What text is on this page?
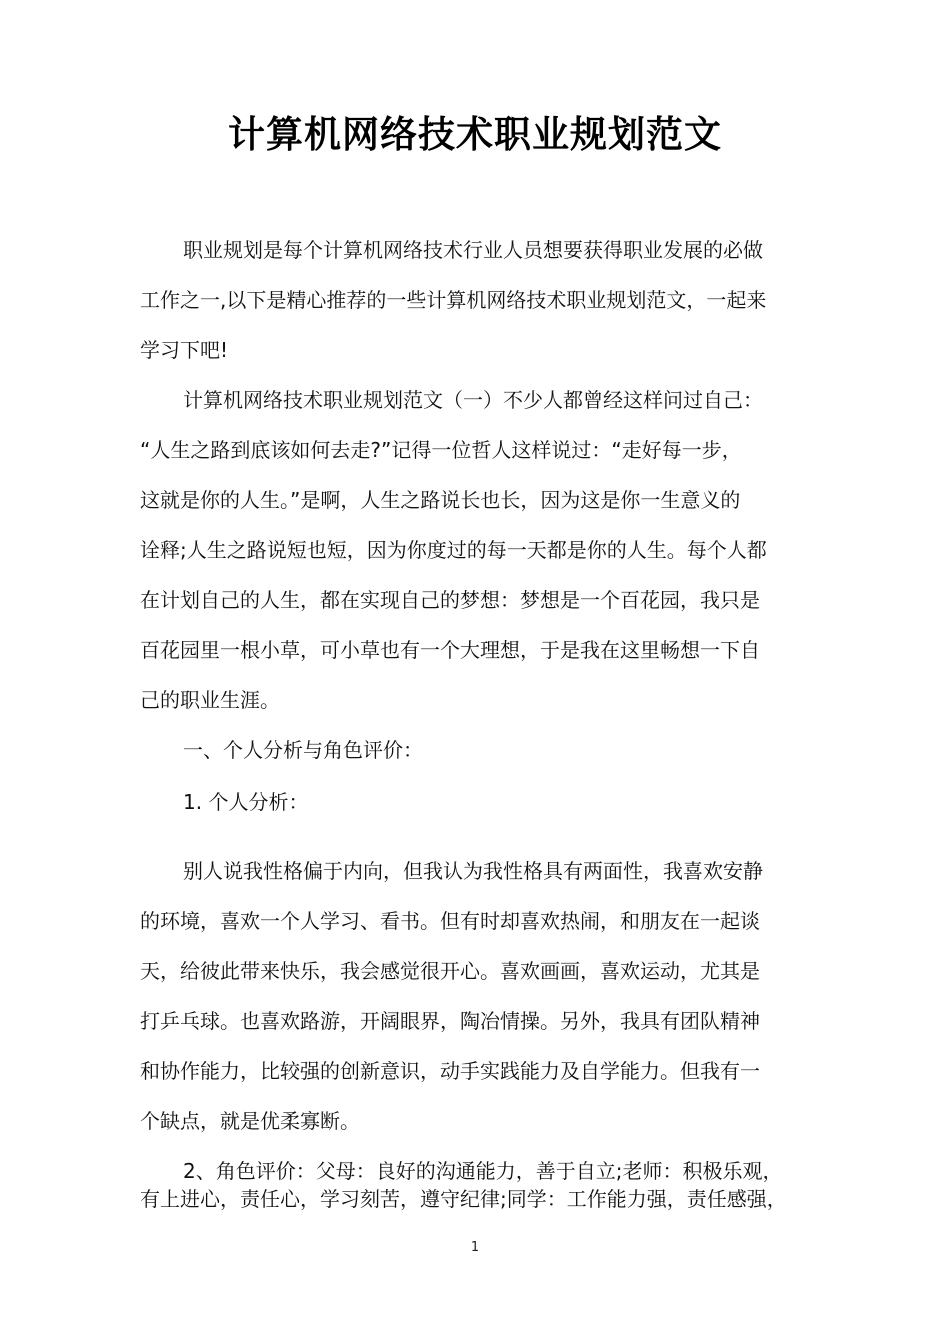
计算机网络技术职业规划范文
职业规划是每个计算机网络技术行业人员想要获得职业发展的必做
工作之一,以下是精心推荐的一些计算机网络技术职业规划范文，一起来
学习下吧!
计算机网络技术职业规划范文（一）不少人都曾经这样问过自己：
“人生之路到底该如何去走?”记得一位哲人这样说过：“走好每一步，
这就是你的人生。”是啊，人生之路说长也长，因为这是你一生意义的
诠释;人生之路说短也短，因为你度过的每一天都是你的人生。每个人都
在计划自己的人生，都在实现自己的梦想：梦想是一个百花园，我只是
百花园里一根小草，可小草也有一个大理想，于是我在这里畅想一下自
己的职业生涯。
一、个人分析与角色评价：
1. 个人分析：
别人说我性格偏于内向，但我认为我性格具有两面性，我喜欢安静
的环境，喜欢一个人学习、看书。但有时却喜欢热闹，和朋友在一起谈
天，给彼此带来快乐，我会感觉很开心。喜欢画画，喜欢运动，尤其是
打乒乓球。也喜欢路游，开阔眼界，陶冶情操。另外，我具有团队精神
和协作能力，比较强的创新意识，动手实践能力及自学能力。但我有一
个缺点，就是优柔寡断。
2、角色评价：父母：良好的沟通能力，善于自立;老师：积极乐观，
有上进心，责任心，学习刻苦，遵守纪律;同学：工作能力强，责任感强，
1
